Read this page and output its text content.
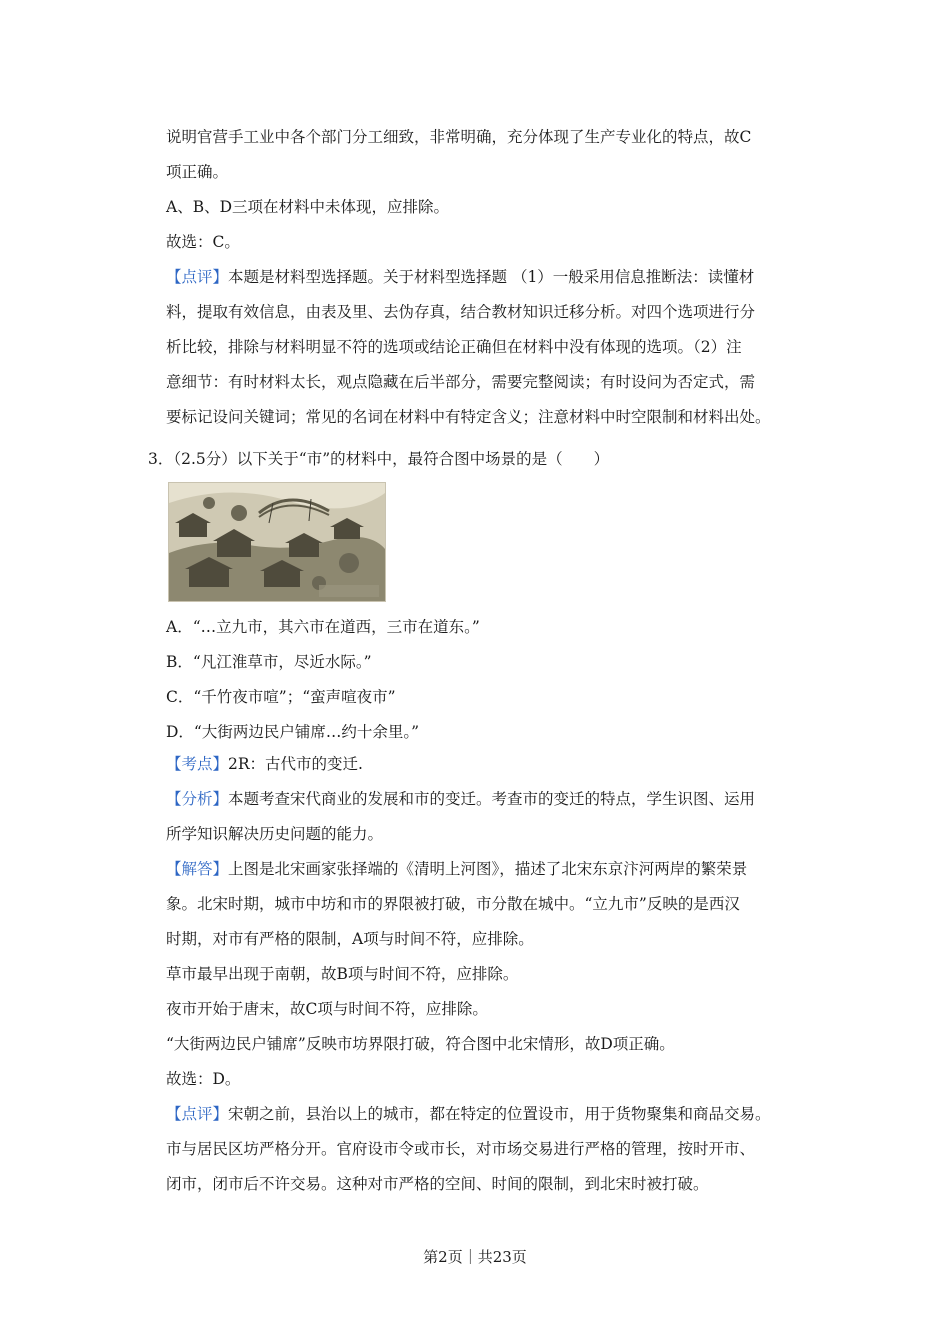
说明官营手工业中各个部门分工细致，非常明确，充分体现了生产专业化的特点，故C
项正确。
A、B、D三项在材料中未体现，应排除。
故选：C。
【点评】本题是材料型选择题。关于材料型选择题 （1）一般采用信息推断法：读懂材
料，提取有效信息，由表及里、去伪存真，结合教材知识迁移分析。对四个选项进行分
析比较，排除与材料明显不符的选项或结论正确但在材料中没有体现的选项。（2）注
意细节：有时材料太长，观点隐藏在后半部分，需要完整阅读；有时设问为否定式，需
要标记设问关键词；常见的名词在材料中有特定含义；注意材料中时空限制和材料出处。
3．（2.5分）以下关于“市”的材料中，最符合图中场景的是（　　）
A．“…立九市，其六市在道西，三市在道东。”
B．“凡江淮草市，尽近水际。”
C．“千竹夜市喧”；“蛮声喧夜市”
D．“大街两边民户铺席…约十余里。”
【考点】2R：古代市的变迁.
【分析】本题考查宋代商业的发展和市的变迁。考查市的变迁的特点，学生识图、运用
所学知识解决历史问题的能力。
【解答】上图是北宋画家张择端的《清明上河图》，描述了北宋东京汴河两岸的繁荣景
象。北宋时期，城市中坊和市的界限被打破，市分散在城中。“立九市”反映的是西汉
时期，对市有严格的限制，A项与时间不符，应排除。
草市最早出现于南朝，故B项与时间不符，应排除。
夜市开始于唐末，故C项与时间不符，应排除。
“大街两边民户铺席”反映市坊界限打破，符合图中北宋情形，故D项正确。
故选：D。
【点评】宋朝之前，县治以上的城市，都在特定的位置设市，用于货物聚集和商品交易。
市与居民区坊严格分开。官府设市令或市长，对市场交易进行严格的管理，按时开市、
闭市，闭市后不许交易。这种对市严格的空间、时间的限制，到北宋时被打破。
第2页｜共23页
